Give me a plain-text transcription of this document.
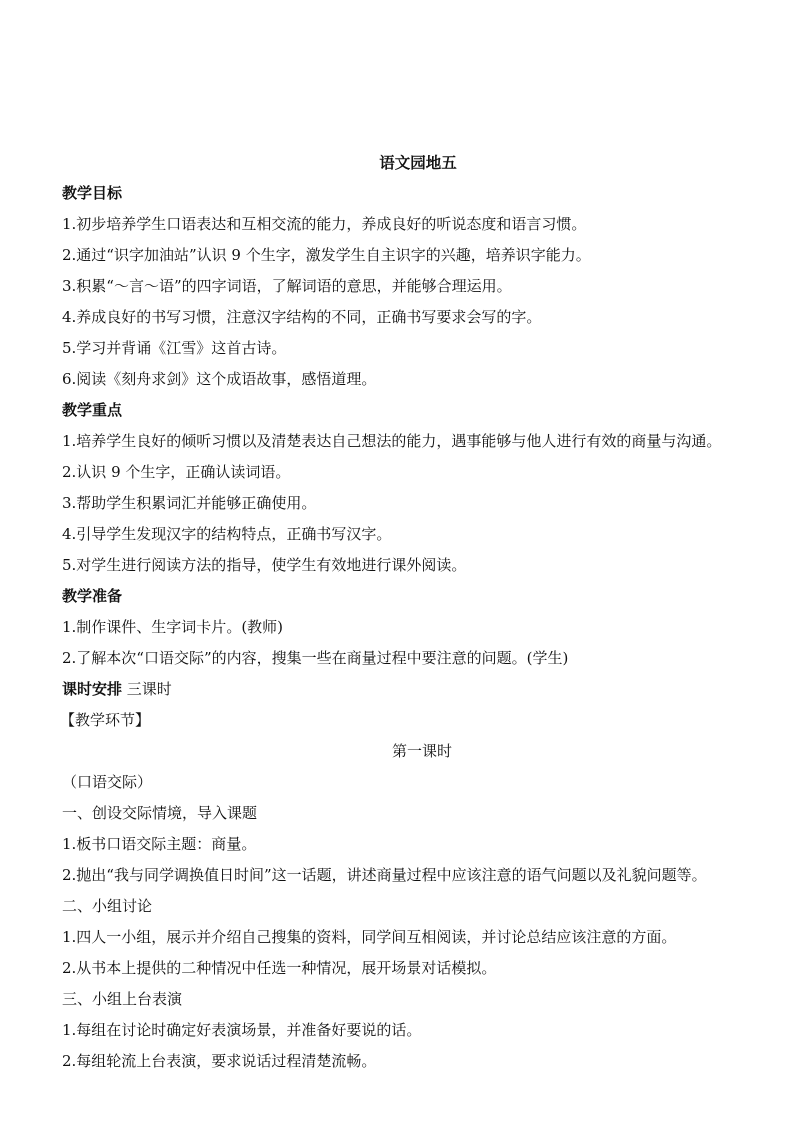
语文园地五
教学目标
1.初步培养学生口语表达和互相交流的能力，养成良好的听说态度和语言习惯。
2.通过“识字加油站”认识 9 个生字，激发学生自主识字的兴趣，培养识字能力。
3.积累“～言～语”的四字词语，了解词语的意思，并能够合理运用。
4.养成良好的书写习惯，注意汉字结构的不同，正确书写要求会写的字。
5.学习并背诵《江雪》这首古诗。
6.阅读《刻舟求剑》这个成语故事，感悟道理。
教学重点
1.培养学生良好的倾听习惯以及清楚表达自己想法的能力，遇事能够与他人进行有效的商量与沟通。
2.认识 9 个生字，正确认读词语。
3.帮助学生积累词汇并能够正确使用。
4.引导学生发现汉字的结构特点，正确书写汉字。
5.对学生进行阅读方法的指导，使学生有效地进行课外阅读。
教学准备
1.制作课件、生字词卡片。(教师)
2.了解本次“口语交际”的内容，搜集一些在商量过程中要注意的问题。(学生)
课时安排 三课时
【教学环节】
第一课时
（口语交际）
一、创设交际情境，导入课题
1.板书口语交际主题：商量。
2.抛出“我与同学调换值日时间”这一话题，讲述商量过程中应该注意的语气问题以及礼貌问题等。
二、小组讨论
1.四人一小组，展示并介绍自己搜集的资料，同学间互相阅读，并讨论总结应该注意的方面。
2.从书本上提供的二种情况中任选一种情况，展开场景对话模拟。
三、小组上台表演
1.每组在讨论时确定好表演场景，并准备好要说的话。
2.每组轮流上台表演，要求说话过程清楚流畅。
